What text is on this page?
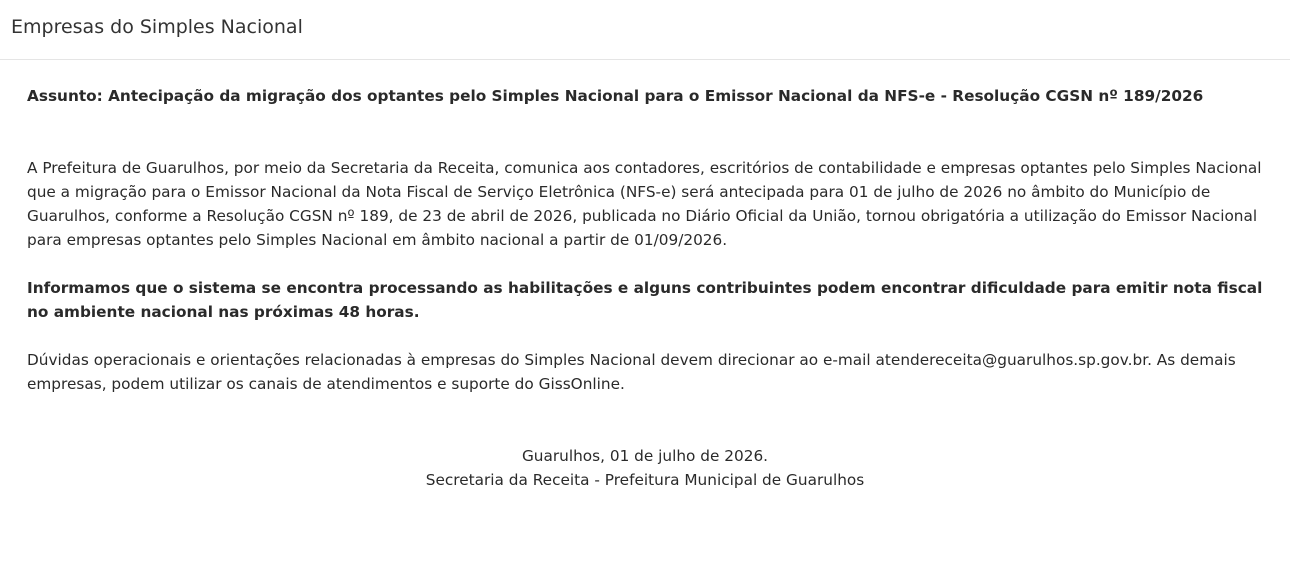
Empresas do Simples Nacional

Assunto: Antecipação da migração dos optantes pelo Simples Nacional para o Emissor Nacional da NFS-e - Resolução CGSN nº 189/2026

A Prefeitura de Guarulhos, por meio da Secretaria da Receita, comunica aos contadores, escritórios de contabilidade e empresas optantes pelo Simples Nacional que a migração para o Emissor Nacional da Nota Fiscal de Serviço Eletrônica (NFS-e) será antecipada para 01 de julho de 2026 no âmbito do Município de Guarulhos, conforme a Resolução CGSN nº 189, de 23 de abril de 2026, publicada no Diário Oficial da União, tornou obrigatória a utilização do Emissor Nacional para empresas optantes pelo Simples Nacional em âmbito nacional a partir de 01/09/2026.

Informamos que o sistema se encontra processando as habilitações e alguns contribuintes podem encontrar dificuldade para emitir nota fiscal no ambiente nacional nas próximas 48 horas.

Dúvidas operacionais e orientações relacionadas à empresas do Simples Nacional devem direcionar ao e-mail atendereceita@guarulhos.sp.gov.br. As demais empresas, podem utilizar os canais de atendimentos e suporte do GissOnline.

Guarulhos, 01 de julho de 2026.
Secretaria da Receita - Prefeitura Municipal de Guarulhos
